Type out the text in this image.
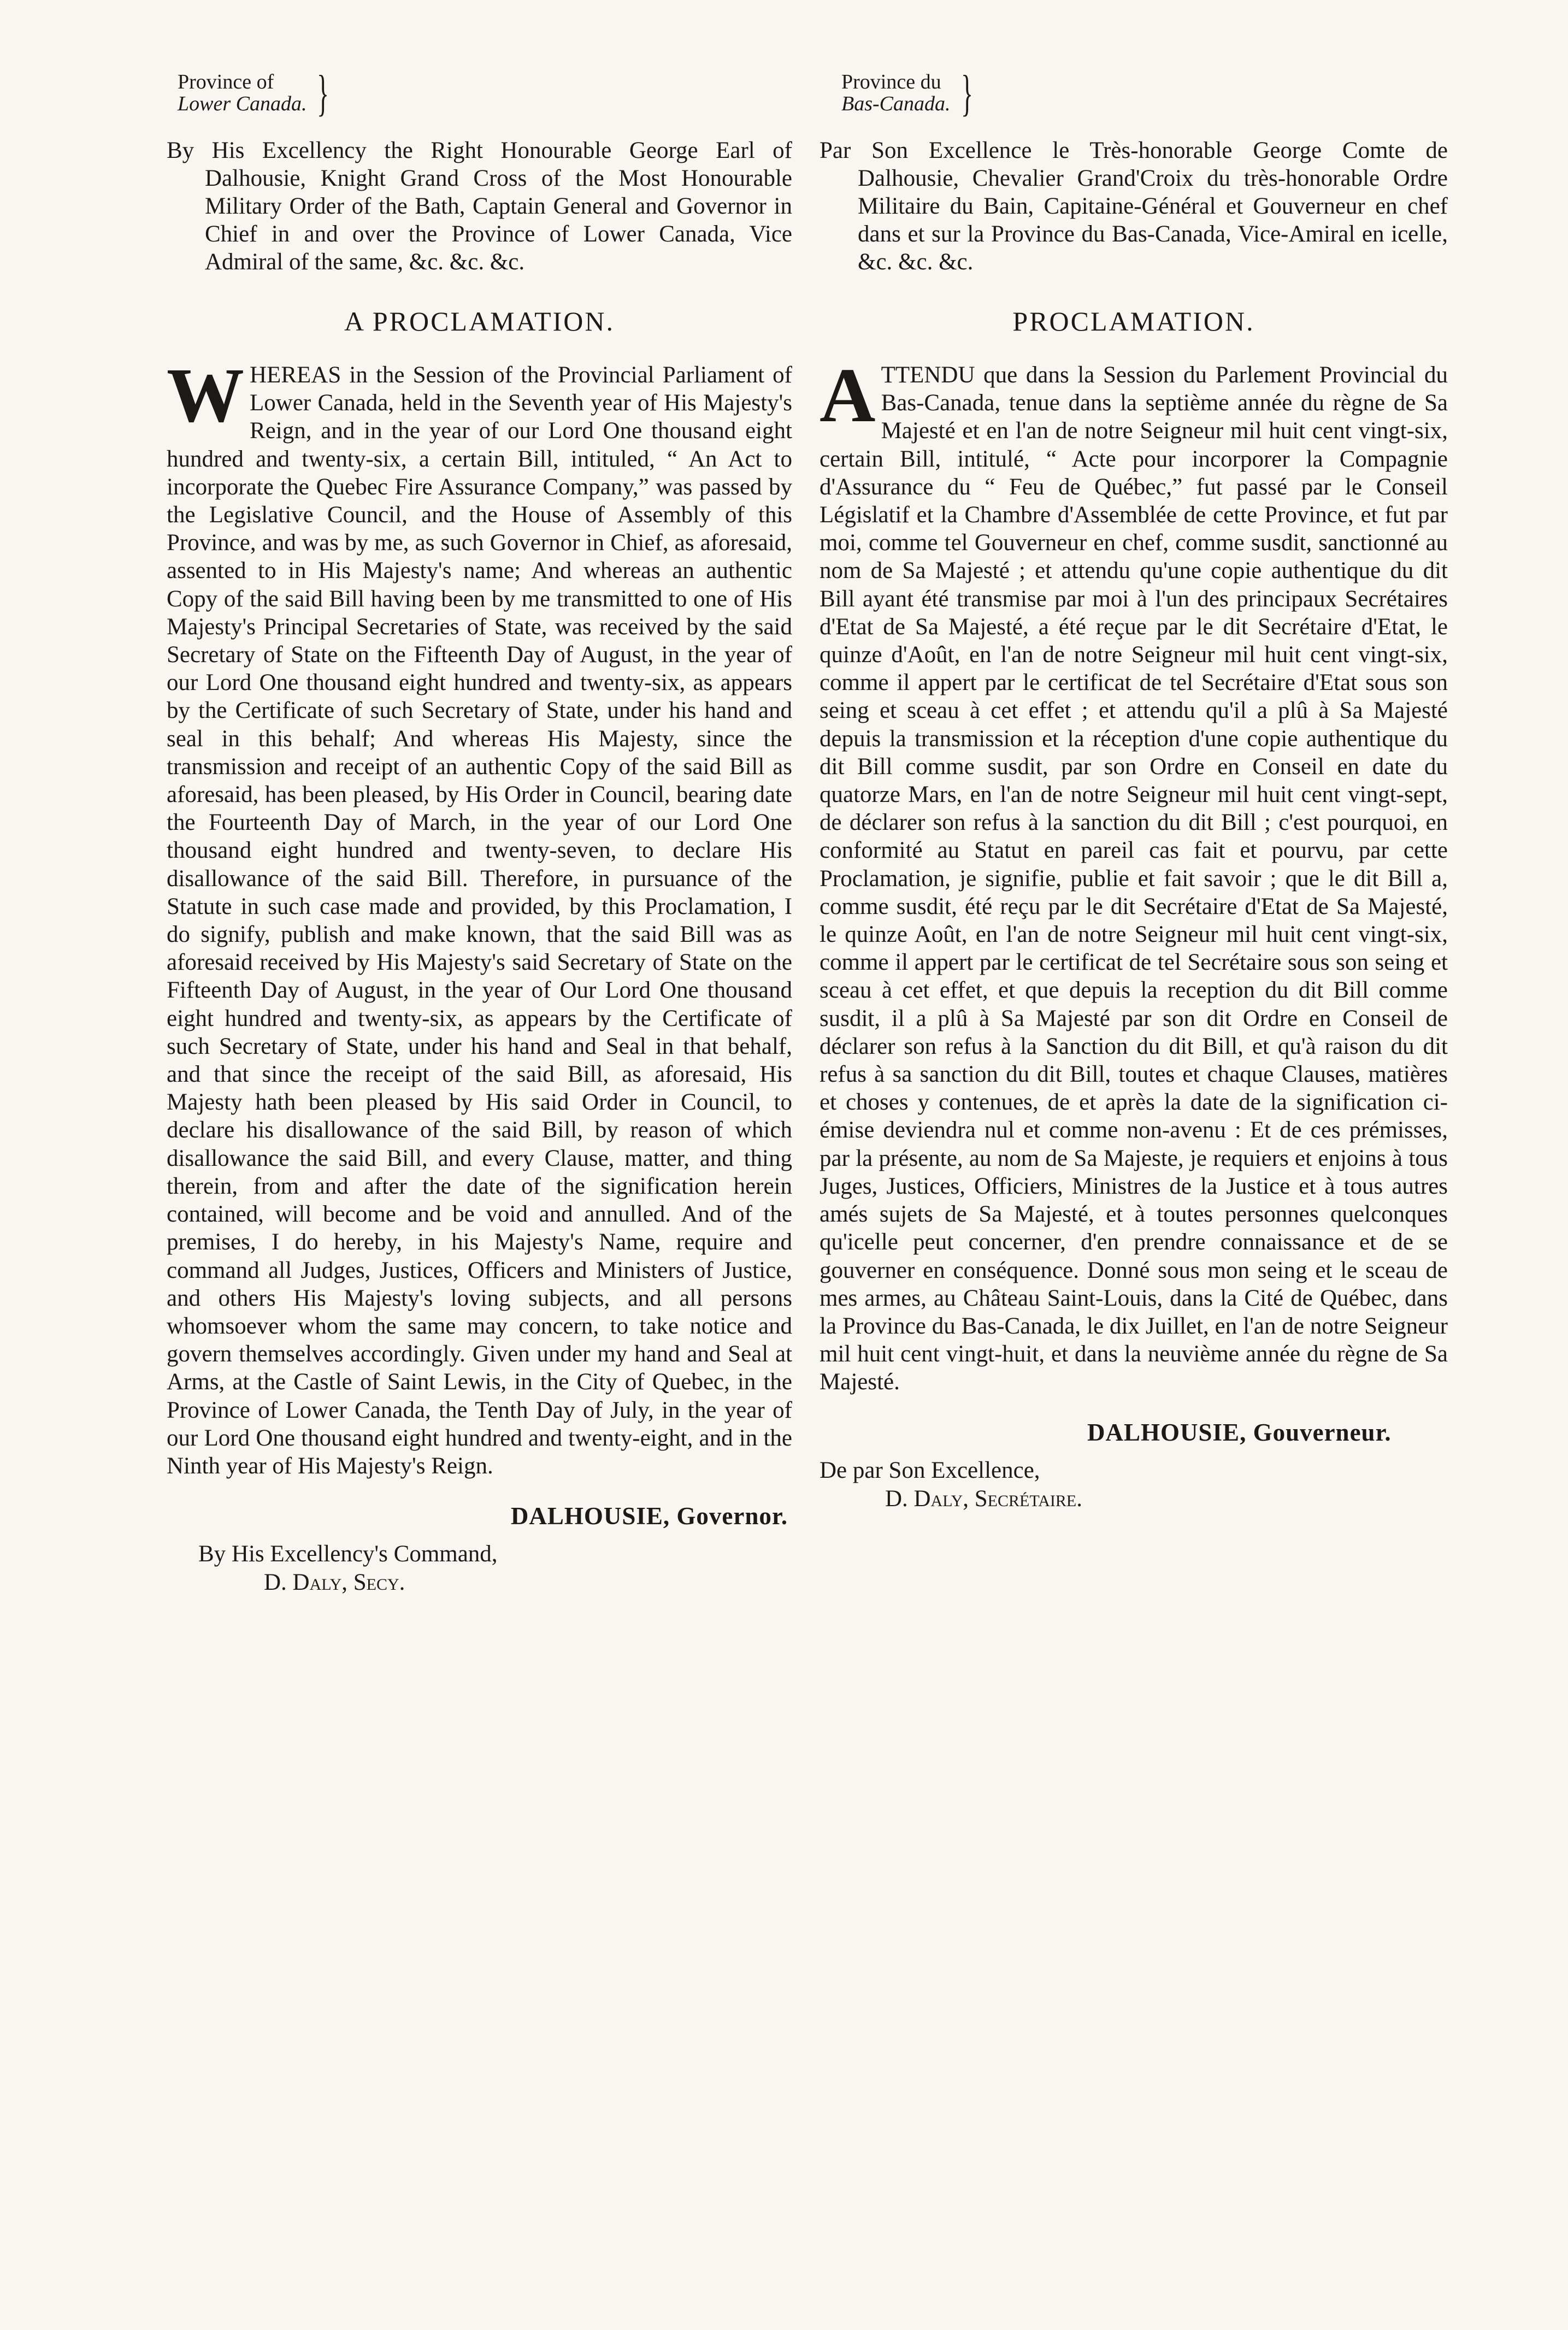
Province of
Lower Canada. }
By His Excellency the Right Honourable George Earl of Dalhousie, Knight Grand Cross of the Most Honourable Military Order of the Bath, Captain General and Governor in Chief in and over the Province of Lower Canada, Vice Admiral of the same, &c. &c. &c.
A PROCLAMATION.
W HEREAS in the Session of the Provincial Parliament of Lower Canada, held in the Seventh year of His Majesty's Reign, and in the year of our Lord One thousand eight hundred and twenty-six, a certain Bill, intituled, “ An Act to incorporate the Quebec Fire Assurance Company,” was passed by the Legislative Council, and the House of Assembly of this Province, and was by me, as such Governor in Chief, as aforesaid, assented to in His Majesty's name; And whereas an authentic Copy of the said Bill having been by me transmitted to one of His Majesty's Principal Secretaries of State, was received by the said Secretary of State on the Fifteenth Day of August, in the year of our Lord One thousand eight hundred and twenty-six, as appears by the Certificate of such Secretary of State, under his hand and seal in this behalf; And whereas His Majesty, since the transmission and receipt of an authentic Copy of the said Bill as aforesaid, has been pleased, by His Order in Council, bearing date the Fourteenth Day of March, in the year of our Lord One thousand eight hundred and twenty-seven, to declare His disallowance of the said Bill. Therefore, in pursuance of the Statute in such case made and provided, by this Proclamation, I do signify, publish and make known, that the said Bill was as aforesaid received by His Majesty's said Secretary of State on the Fifteenth Day of August, in the year of Our Lord One thousand eight hundred and twenty-six, as appears by the Certificate of such Secretary of State, under his hand and Seal in that behalf, and that since the receipt of the said Bill, as aforesaid, His Majesty hath been pleased by His said Order in Council, to declare his disallowance of the said Bill, by reason of which disallowance the said Bill, and every Clause, matter, and thing therein, from and after the date of the signification herein contained, will become and be void and annulled. And of the premises, I do hereby, in his Majesty's Name, require and command all Judges, Justices, Officers and Ministers of Justice, and others His Majesty's loving subjects, and all persons whomsoever whom the same may concern, to take notice and govern themselves accordingly. Given under my hand and Seal at Arms, at the Castle of Saint Lewis, in the City of Quebec, in the Province of Lower Canada, the Tenth Day of July, in the year of our Lord One thousand eight hundred and twenty-eight, and in the Ninth year of His Majesty's Reign.
DALHOUSIE, Governor.
By His Excellency's Command,
D. Daly, Secy.
Province du
Bas-Canada. }
Par Son Excellence le Très-honorable George Comte de Dalhousie, Chevalier Grand'Croix du très-honorable Ordre Militaire du Bain, Capitaine-Général et Gouverneur en chef dans et sur la Province du Bas-Canada, Vice-Amiral en icelle, &c. &c. &c.
PROCLAMATION.
A TTENDU que dans la Session du Parlement Provincial du Bas-Canada, tenue dans la septième année du règne de Sa Majesté et en l'an de notre Seigneur mil huit cent vingt-six, certain Bill, intitulé, “ Acte pour incorporer la Compagnie d'Assurance du “ Feu de Québec,” fut passé par le Conseil Législatif et la Chambre d'Assemblée de cette Province, et fut par moi, comme tel Gouverneur en chef, comme susdit, sanctionné au nom de Sa Majesté ; et attendu qu'une copie authentique du dit Bill ayant été transmise par moi à l'un des principaux Secrétaires d'Etat de Sa Majesté, a été reçue par le dit Secrétaire d'Etat, le quinze d'Août, en l'an de notre Seigneur mil huit cent vingt-six, comme il appert par le certificat de tel Secrétaire d'Etat sous son seing et sceau à cet effet ; et attendu qu'il a plû à Sa Majesté depuis la transmission et la réception d'une copie authentique du dit Bill comme susdit, par son Ordre en Conseil en date du quatorze Mars, en l'an de notre Seigneur mil huit cent vingt-sept, de déclarer son refus à la sanction du dit Bill ; c'est pourquoi, en conformité au Statut en pareil cas fait et pourvu, par cette Proclamation, je signifie, publie et fait savoir ; que le dit Bill a, comme susdit, été reçu par le dit Secrétaire d'Etat de Sa Majesté, le quinze Août, en l'an de notre Seigneur mil huit cent vingt-six, comme il appert par le certificat de tel Secrétaire sous son seing et sceau à cet effet, et que depuis la reception du dit Bill comme susdit, il a plû à Sa Majesté par son dit Ordre en Conseil de déclarer son refus à la Sanction du dit Bill, et qu'à raison du dit refus à sa sanction du dit Bill, toutes et chaque Clauses, matières et choses y contenues, de et après la date de la signification ci-émise deviendra nul et comme non-avenu : Et de ces prémisses, par la présente, au nom de Sa Majeste, je requiers et enjoins à tous Juges, Justices, Officiers, Ministres de la Justice et à tous autres amés sujets de Sa Majesté, et à toutes personnes quelconques qu'icelle peut concerner, d'en prendre connaissance et de se gouverner en conséquence. Donné sous mon seing et le sceau de mes armes, au Château Saint-Louis, dans la Cité de Québec, dans la Province du Bas-Canada, le dix Juillet, en l'an de notre Seigneur mil huit cent vingt-huit, et dans la neuvième année du règne de Sa Majesté.
DALHOUSIE, Gouverneur.
De par Son Excellence,
D. Daly, Secrétaire.
